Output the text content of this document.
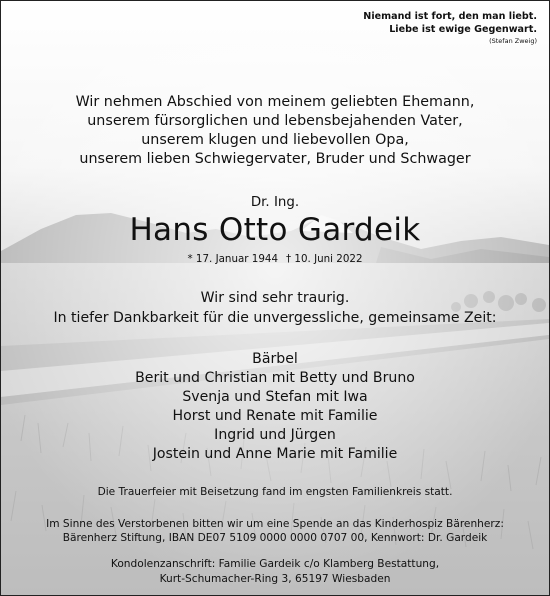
Niemand ist fort, den man liebt.
Liebe ist ewige Gegenwart.
(Stefan Zweig)
Wir nehmen Abschied von meinem geliebten Ehemann,
unserem fürsorglichen und lebensbejahenden Vater,
unserem klugen und liebevollen Opa,
unserem lieben Schwiegervater, Bruder und Schwager
Dr. Ing.
Hans Otto Gardeik
* 17. Januar 1944 † 10. Juni 2022
Wir sind sehr traurig.
In tiefer Dankbarkeit für die unvergessliche, gemeinsame Zeit:
Bärbel
Berit und Christian mit Betty und Bruno
Svenja und Stefan mit Iwa
Horst und Renate mit Familie
Ingrid und Jürgen
Jostein und Anne Marie mit Familie
Die Trauerfeier mit Beisetzung fand im engsten Familienkreis statt.
Im Sinne des Verstorbenen bitten wir um eine Spende an das Kinderhospiz Bärenherz:
Bärenherz Stiftung, IBAN DE07 5109 0000 0000 0707 00, Kennwort: Dr. Gardeik
Kondolenzanschrift: Familie Gardeik c/o Klamberg Bestattung,
Kurt-Schumacher-Ring 3, 65197 Wiesbaden
